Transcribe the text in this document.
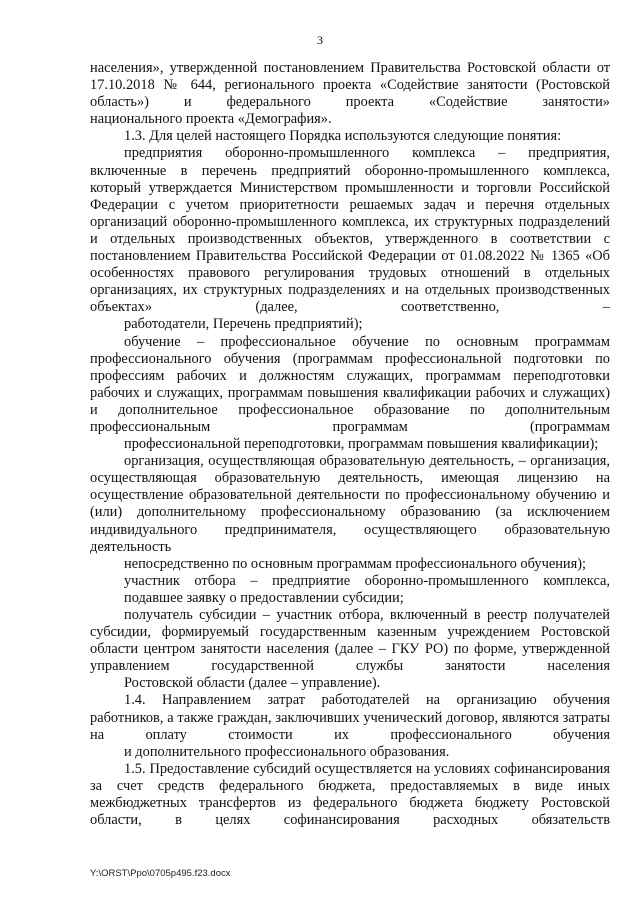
3

населения», утвержденной постановлением Правительства Ростовской области от 17.10.2018 № 644, регионального проекта «Содействие занятости (Ростовской область») и федерального проекта «Содействие занятости»
национального проекта «Демография».

1.3. Для целей настоящего Порядка используются следующие понятия:

предприятия оборонно-промышленного комплекса – предприятия, включенные в перечень предприятий оборонно-промышленного комплекса, который утверждается Министерством промышленности и торговли Российской Федерации с учетом приоритетности решаемых задач и перечня отдельных организаций оборонно-промышленного комплекса, их структурных подразделений и отдельных производственных объектов, утвержденного в соответствии с постановлением Правительства Российской Федерации от 01.08.2022 № 1365 «Об особенностях правового регулирования трудовых отношений в отдельных организациях, их структурных подразделениях и на отдельных производственных объектах» (далее, соответственно, –
работодатели, Перечень предприятий);

обучение – профессиональное обучение по основным программам профессионального обучения (программам профессиональной подготовки по профессиям рабочих и должностям служащих, программам переподготовки рабочих и служащих, программам повышения квалификации рабочих и служащих) и дополнительное профессиональное образование по дополнительным профессиональным программам (программам
профессиональной переподготовки, программам повышения квалификации);

организация, осуществляющая образовательную деятельность, – организация, осуществляющая образовательную деятельность, имеющая лицензию на осуществление образовательной деятельности по профессиональному обучению и (или) дополнительному профессиональному образованию (за исключением индивидуального предпринимателя, осуществляющего образовательную деятельность
непосредственно по основным программам профессионального обучения);

участник отбора – предприятие оборонно-промышленного комплекса,
подавшее заявку о предоставлении субсидии;

получатель субсидии – участник отбора, включенный в реестр получателей субсидии, формируемый государственным казенным учреждением Ростовской области центром занятости населения (далее – ГКУ РО) по форме, утвержденной управлением государственной службы занятости населения
Ростовской области (далее – управление).

1.4. Направлением затрат работодателей на организацию обучения работников, а также граждан, заключивших ученический договор, являются затраты на оплату стоимости их профессионального обучения
и дополнительного профессионального образования.

1.5. Предоставление субсидий осуществляется на условиях софинансирования за счет средств федерального бюджета, предоставляемых в виде иных межбюджетных трансфертов из федерального бюджета бюджету Ростовской области, в целях софинансирования расходных обязательств

Y:\ORST\Ppo\0705p495.f23.docx
